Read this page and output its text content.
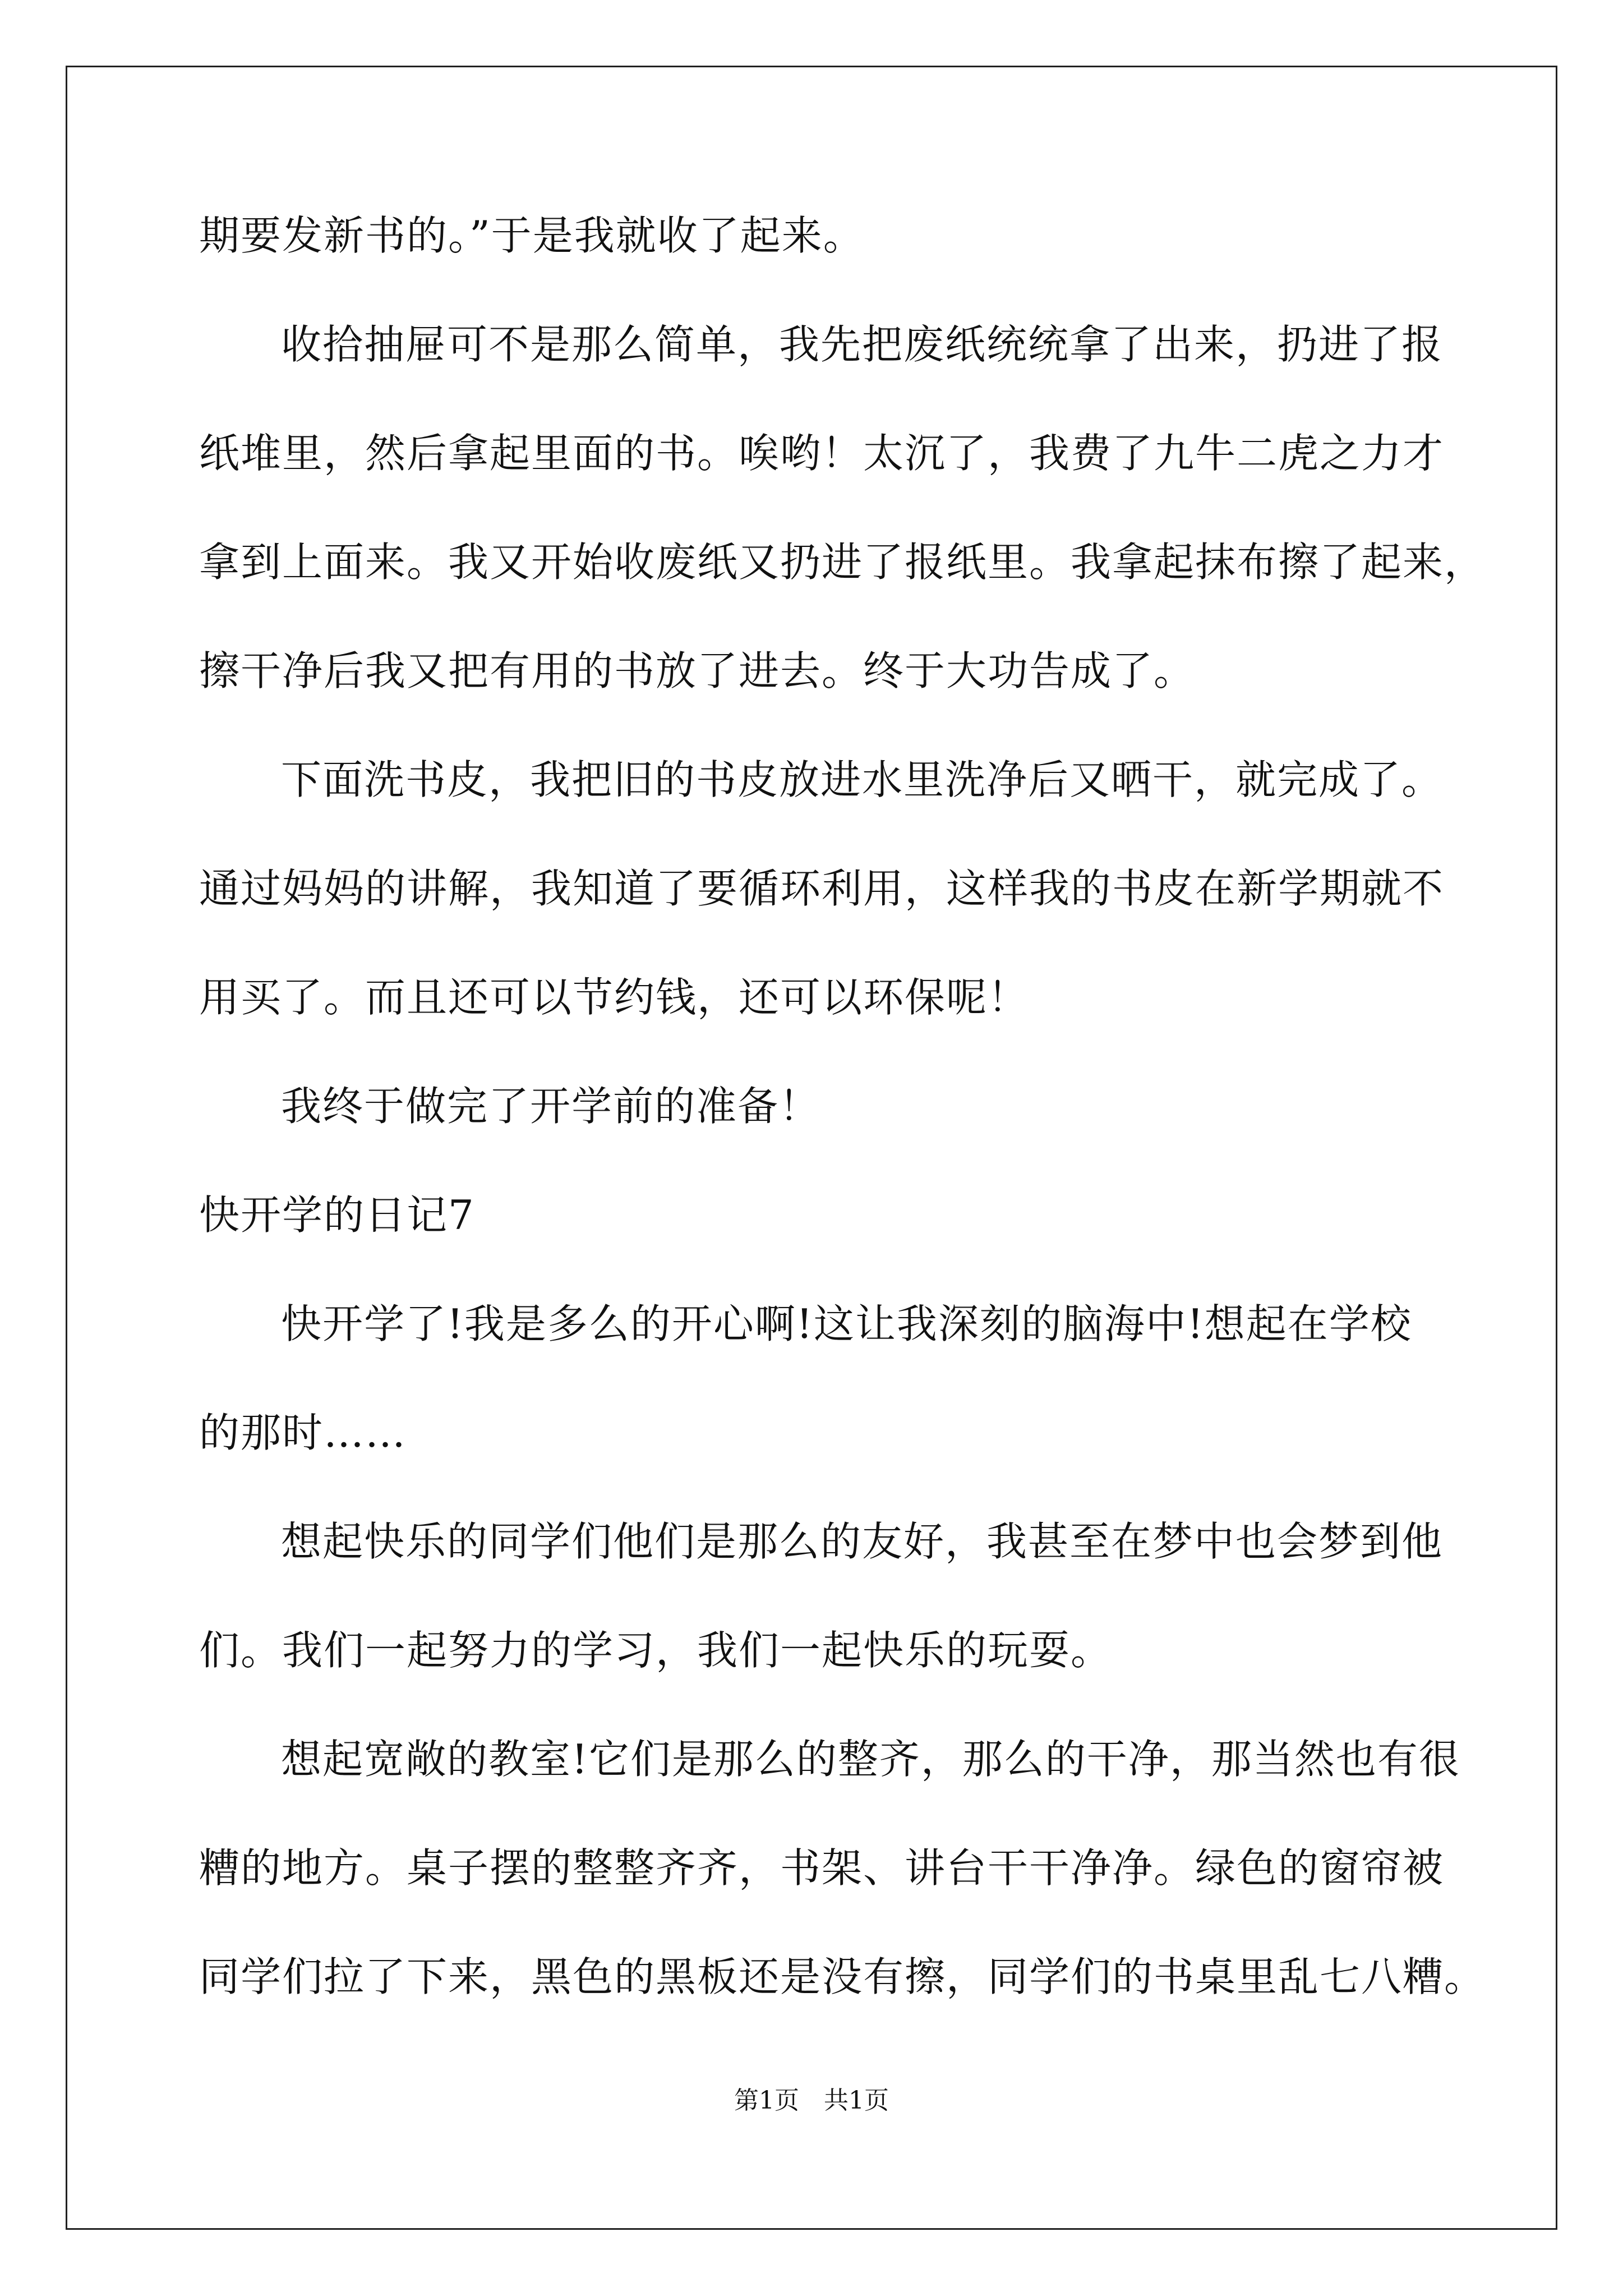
期要发新书的。”于是我就收了起来。
收拾抽屉可不是那么简单，我先把废纸统统拿了出来，扔进了报
纸堆里，然后拿起里面的书。唉哟！太沉了，我费了九牛二虎之力才
拿到上面来。我又开始收废纸又扔进了报纸里。我拿起抹布擦了起来，
擦干净后我又把有用的书放了进去。终于大功告成了。
下面洗书皮，我把旧的书皮放进水里洗净后又晒干，就完成了。
通过妈妈的讲解，我知道了要循环利用，这样我的书皮在新学期就不
用买了。而且还可以节约钱，还可以环保呢！
我终于做完了开学前的准备！
快开学的日记7
快开学了!我是多么的开心啊!这让我深刻的脑海中!想起在学校
的那时……
想起快乐的同学们他们是那么的友好，我甚至在梦中也会梦到他
们。我们一起努力的学习，我们一起快乐的玩耍。
想起宽敞的教室!它们是那么的整齐，那么的干净，那当然也有很
糟的地方。桌子摆的整整齐齐，书架、讲台干干净净。绿色的窗帘被
同学们拉了下来，黑色的黑板还是没有擦，同学们的书桌里乱七八糟。
第1页　共1页
